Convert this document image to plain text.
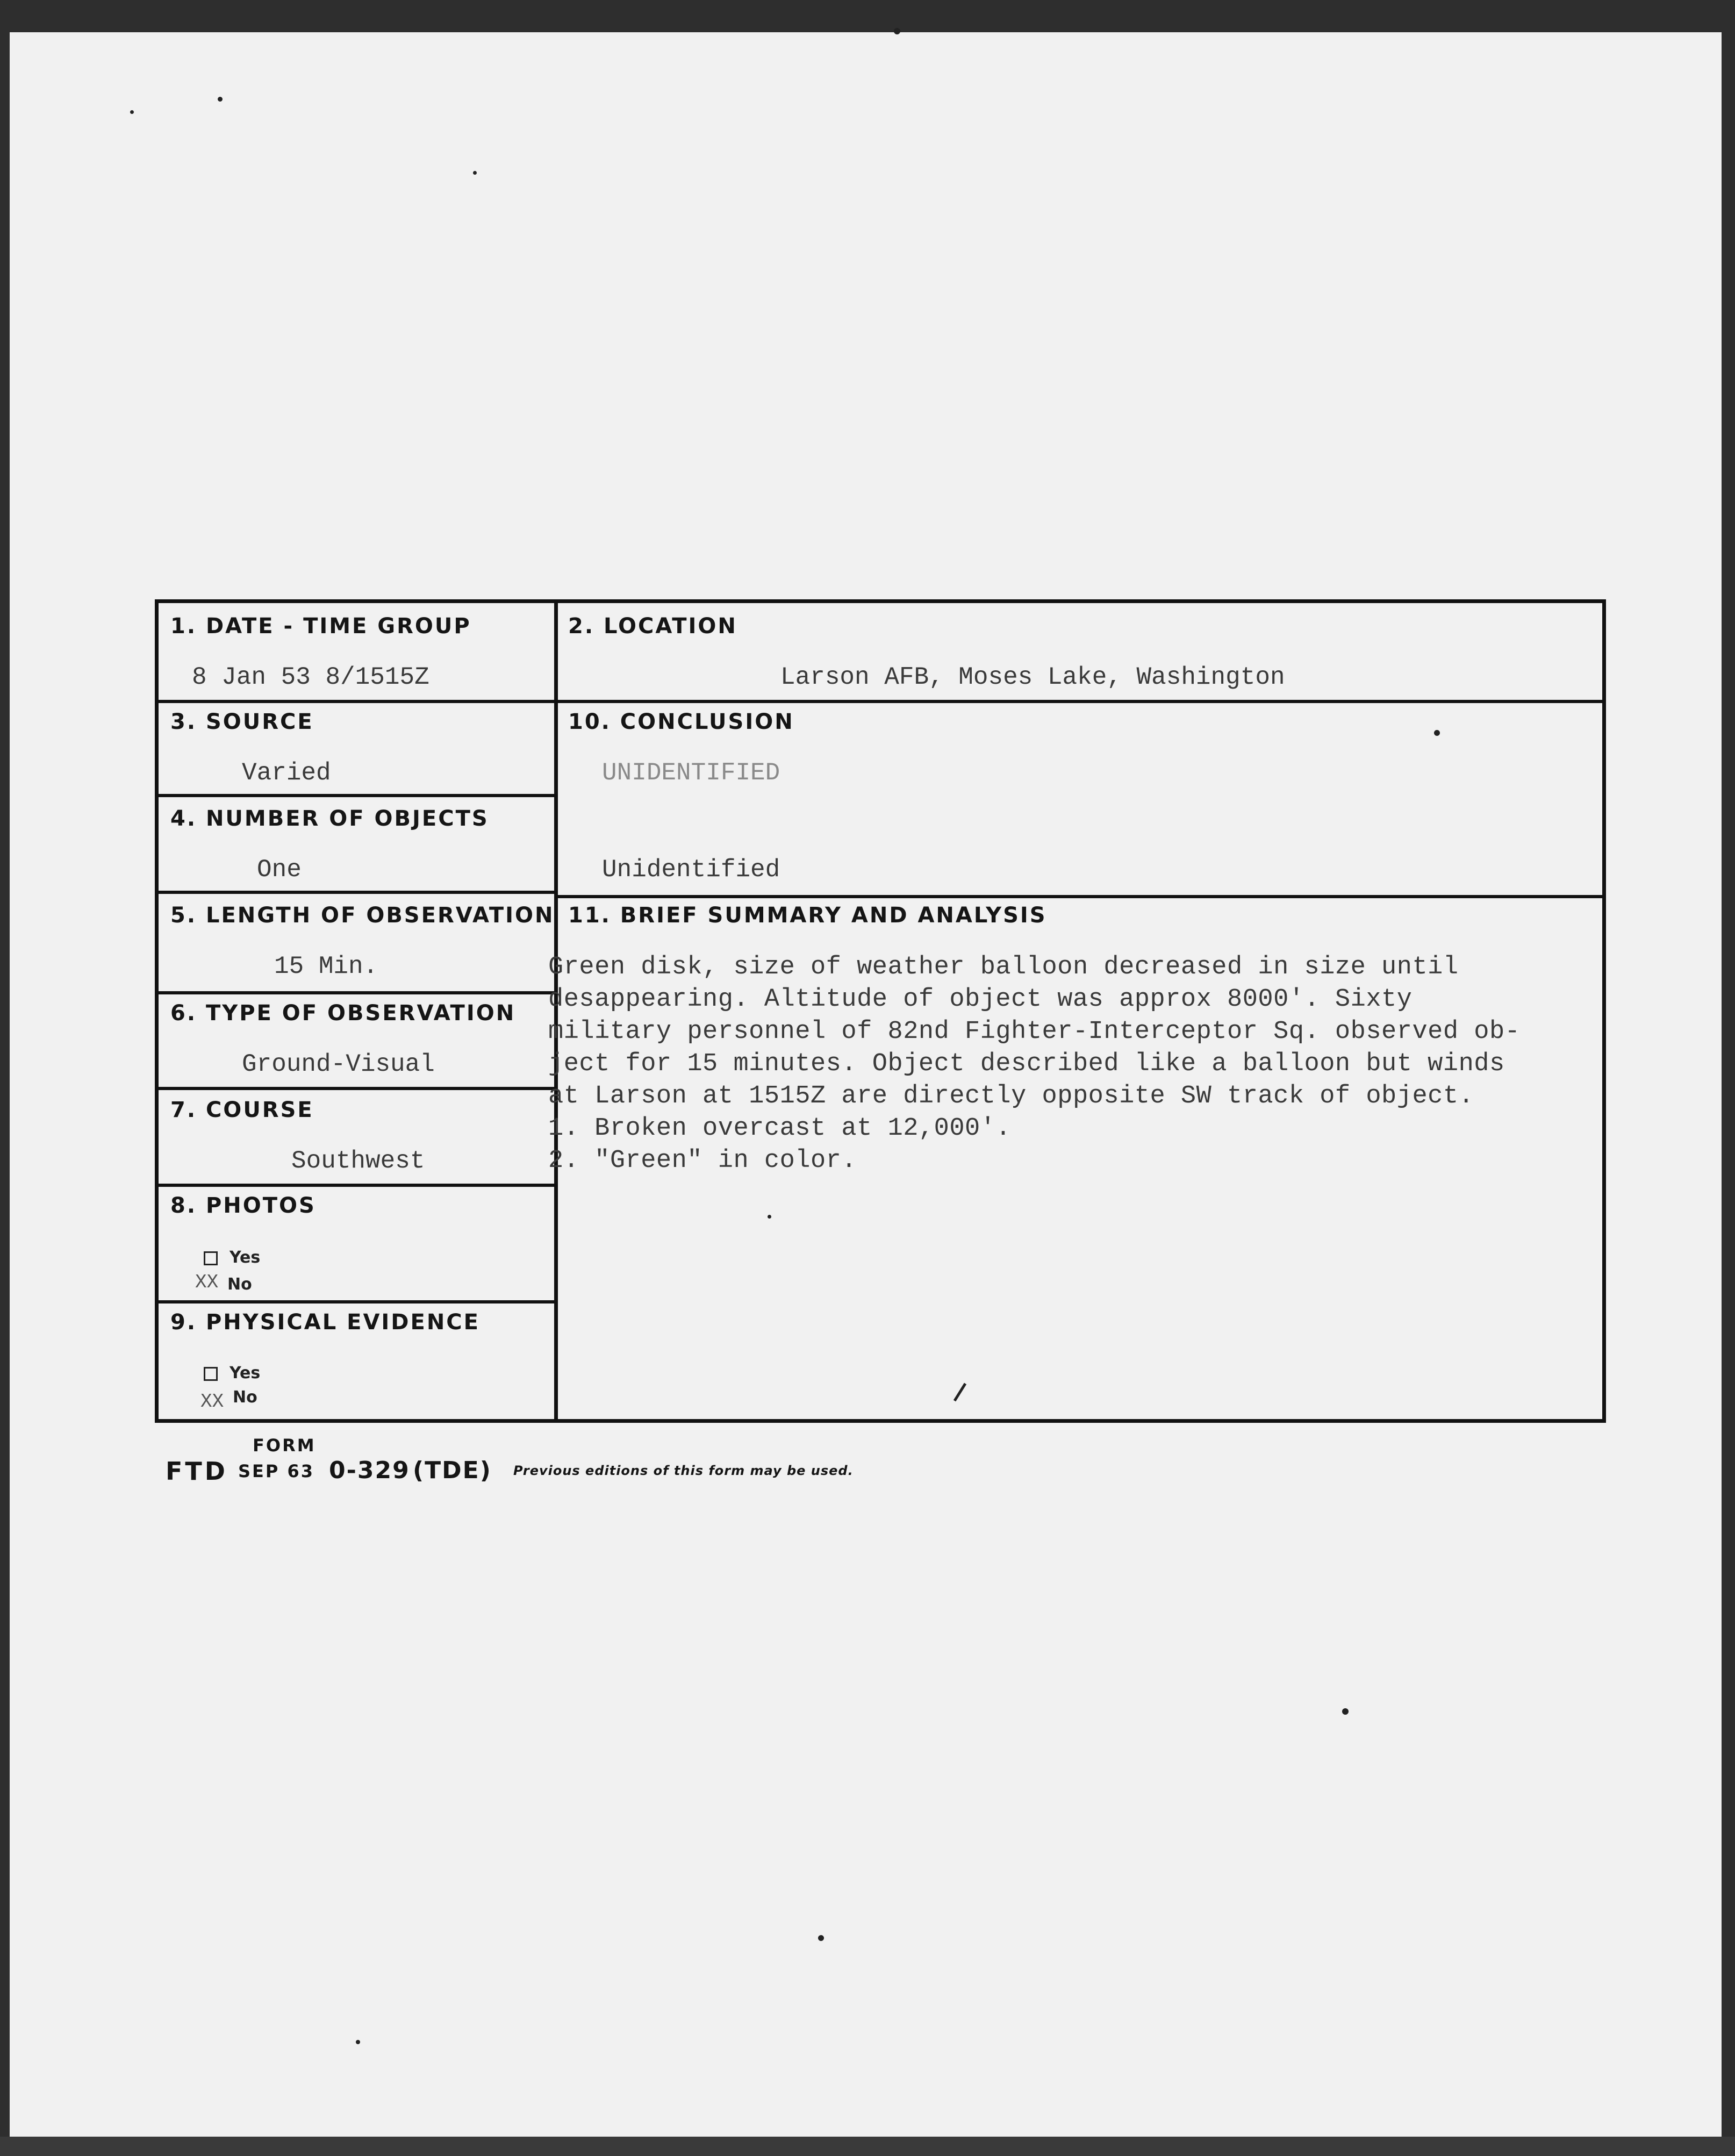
1. DATE - TIME GROUP
8 Jan 53 8/1515Z
2. LOCATION
Larson AFB, Moses Lake, Washington
3. SOURCE
Varied
4. NUMBER OF OBJECTS
One
5. LENGTH OF OBSERVATION
15 Min.
6. TYPE OF OBSERVATION
Ground-Visual
7. COURSE
Southwest
8. PHOTOS
Yes
XX No
9. PHYSICAL EVIDENCE
Yes
XX No
10. CONCLUSION
UNIDENTIFIED
Unidentified
11. BRIEF SUMMARY AND ANALYSIS
Green disk, size of weather balloon decreased in size until
desappearing. Altitude of object was approx 8000'. Sixty
military personnel of 82nd Fighter-Interceptor Sq. observed ob-
ject for 15 minutes. Object described like a balloon but winds
at Larson at 1515Z are directly opposite SW track of object.
1. Broken overcast at 12,000'.
2. "Green" in color.
FORM
FTD SEP 63 0-329 (TDE) Previous editions of this form may be used.
